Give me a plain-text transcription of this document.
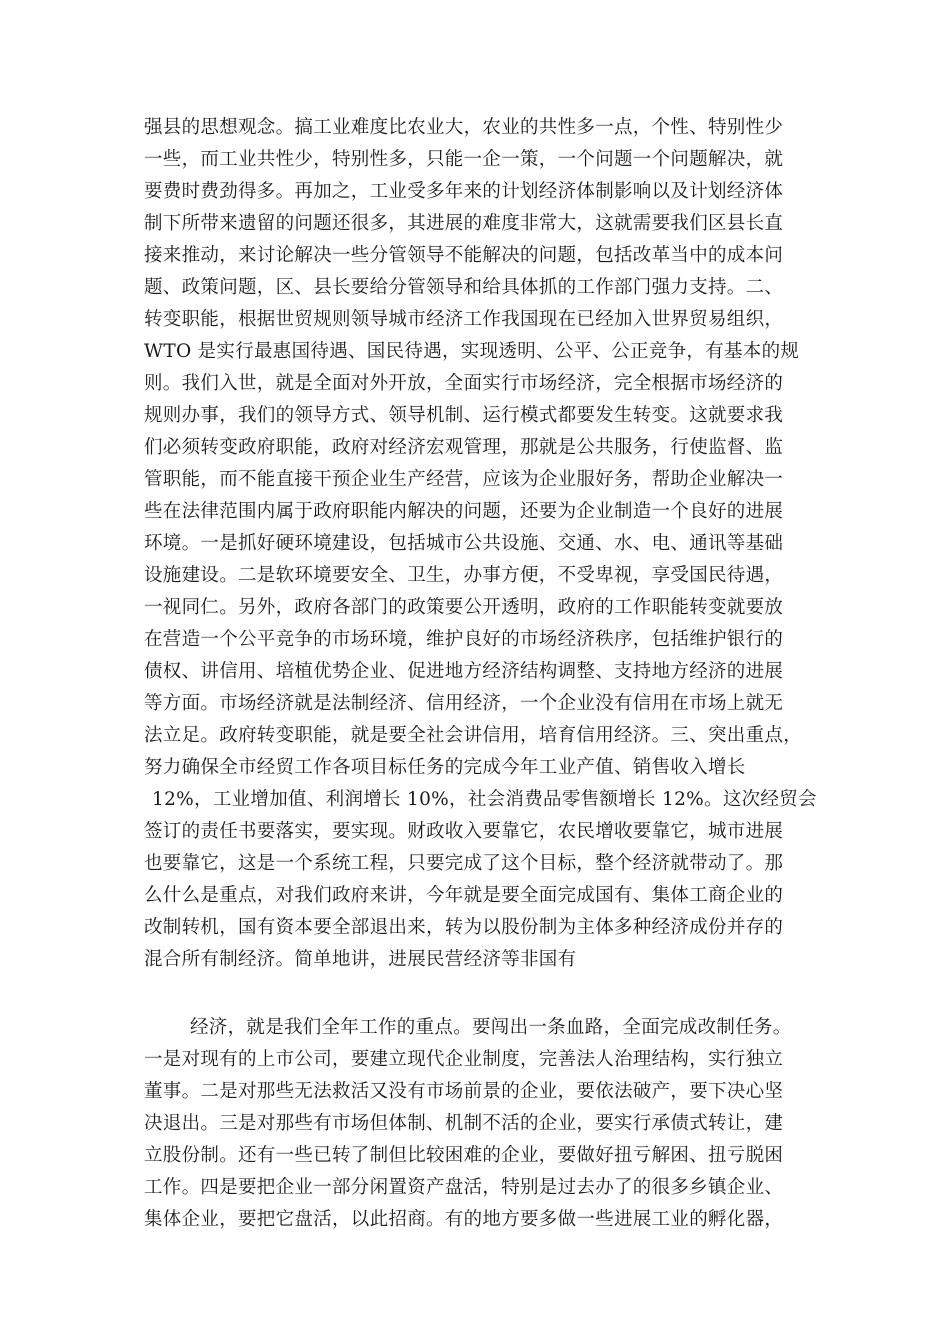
强县的思想观念。搞工业难度比农业大，农业的共性多一点，个性、特别性少
一些，而工业共性少，特别性多，只能一企一策，一个问题一个问题解决，就
要费时费劲得多。再加之，工业受多年来的计划经济体制影响以及计划经济体
制下所带来遗留的问题还很多，其进展的难度非常大，这就需要我们区县长直
接来推动，来讨论解决一些分管领导不能解决的问题，包括改革当中的成本问
题、政策问题，区、县长要给分管领导和给具体抓的工作部门强力支持。二、
转变职能，根据世贸规则领导城市经济工作我国现在已经加入世界贸易组织，
WTO 是实行最惠国待遇、国民待遇，实现透明、公平、公正竞争，有基本的规
则。我们入世，就是全面对外开放，全面实行市场经济，完全根据市场经济的
规则办事，我们的领导方式、领导机制、运行模式都要发生转变。这就要求我
们必须转变政府职能，政府对经济宏观管理，那就是公共服务，行使监督、监
管职能，而不能直接干预企业生产经营，应该为企业服好务，帮助企业解决一
些在法律范围内属于政府职能内解决的问题，还要为企业制造一个良好的进展
环境。一是抓好硬环境建设，包括城市公共设施、交通、水、电、通讯等基础
设施建设。二是软环境要安全、卫生，办事方便，不受卑视，享受国民待遇，
一视同仁。另外，政府各部门的政策要公开透明，政府的工作职能转变就要放
在营造一个公平竞争的市场环境，维护良好的市场经济秩序，包括维护银行的
债权、讲信用、培植优势企业、促进地方经济结构调整、支持地方经济的进展
等方面。市场经济就是法制经济、信用经济，一个企业没有信用在市场上就无
法立足。政府转变职能，就是要全社会讲信用，培育信用经济。三、突出重点，
努力确保全市经贸工作各项目标任务的完成今年工业产值、销售收入增长
12%，工业增加值、利润增长 10%，社会消费品零售额增长 12%。这次经贸会
签订的责任书要落实，要实现。财政收入要靠它，农民增收要靠它，城市进展
也要靠它，这是一个系统工程，只要完成了这个目标，整个经济就带动了。那
么什么是重点，对我们政府来讲，今年就是要全面完成国有、集体工商企业的
改制转机，国有资本要全部退出来，转为以股份制为主体多种经济成份并存的
混合所有制经济。简单地讲，进展民营经济等非国有
经济，就是我们全年工作的重点。要闯出一条血路，全面完成改制任务。
一是对现有的上市公司，要建立现代企业制度，完善法人治理结构，实行独立
董事。二是对那些无法救活又没有市场前景的企业，要依法破产，要下决心坚
决退出。三是对那些有市场但体制、机制不活的企业，要实行承债式转让，建
立股份制。还有一些已转了制但比较困难的企业，要做好扭亏解困、扭亏脱困
工作。四是要把企业一部分闲置资产盘活，特别是过去办了的很多乡镇企业、
集体企业，要把它盘活，以此招商。有的地方要多做一些进展工业的孵化器，
